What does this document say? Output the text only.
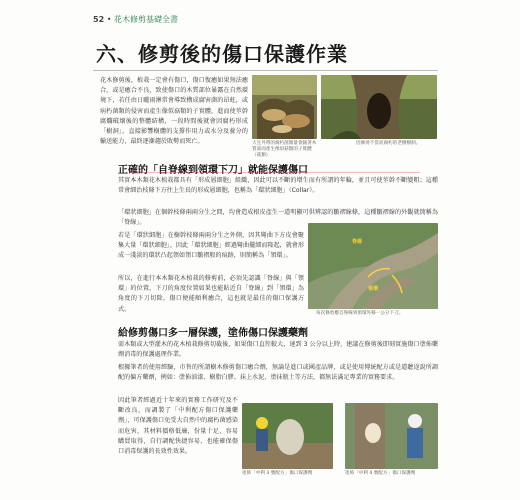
52 • 花木修剪基礎全書
六、修剪後的傷口保護作業
花木修剪後，植栽一定會有傷口，傷口復癒如果無法癒合，或是癒合不良，致使傷口的木質部位暴露在自然環境下，若任由日曬雨淋常會導致構成腐害菌的昂蛀，或病朽菌類的侵害而產生像似菇類的子實體，進而使莖幹腐爛破壞後的整體結構，一段時間後就會因腐朽形成「樹洞」，直接影響樹體的支撐作用力或水分及養分的輸送能力，最終逐漸趨於敗勢而死亡。	大且外帶的腐朽菌類量會隨著木質部而產生像似菇類的子實體（菇類）
因修剪不當而腐朽的老樹樹洞。
正確的「自脊線到領環下刀」就能保護傷口
其實本木類花木植栽都具有「形成層細胞」組織，因此可以不斷的增生而有所謂的年輪，並且可使莖幹不斷變粗；這種常會細治枝條下方往上生長的形成層細胞，也稱為「環狀細胞」（Collar）。
「環狀細胞」在個幹枝條兩兩分生之間，均會造成根皮產生一道明顯可供辨認的皺褶線條，這種皺褶線的外觀就簡稱為「脊線」。
若是「環狀細胞」在樹幹枝條兩兩分生之外側，因其彎曲下方皮會聚集大量「環狀細胞」，因此「環狀細胞」經過彎曲擺細而隆起，就會形成一淺淡的環狀凸起領如領口皺褶般的痕跡，則簡稱為「領環」。
所以，在進行本木類花木植栽的修剪前，必須先認識「脊線」與「領環」的位置，下刀的角度位置如果也能貼近自「脊線」到「領環」為角度的下刀切除，傷口便能順利癒合，這也就是最佳的傷口保護方式。
脊線
領環
每次修剪應自脊線到領環外移一公分下刀。
給修剪傷口多一層保護，塗佈傷口保護藥劑
需木類或大型灌木的花木植栽修剪切截後，如果傷口直徑較大，達到 3 公分以上時，建議在修剪後即刻實施傷口塗佈藥劑消毒的保護處理作業。
根據筆者的使用經驗，市售的所謂樹木修剪傷口癒合劑，無論是進口或國產品牌，或是使用傳統配方或是道聽途說所調配的偏方藥劑，例如：塗佈油漆、樹脂白膠、抹上水泥、塗抹瓶土等方法，都無法滿足專業的實務要求。
因此筆者經過近十年來的實務工作研究及不斷改良，而調製了「中利配方傷口保護藥劑」，可保護傷口免受大自然中的腐朽菌感染而危害，其材料價格低廉，份量十足，容易購買取得，自行調配快捷容易，也能確保傷口消毒保護的長效性效果。
塗佈「中利 3 號配方」傷口保護劑	塗佈「中利 4 號配方」傷口保護劑
